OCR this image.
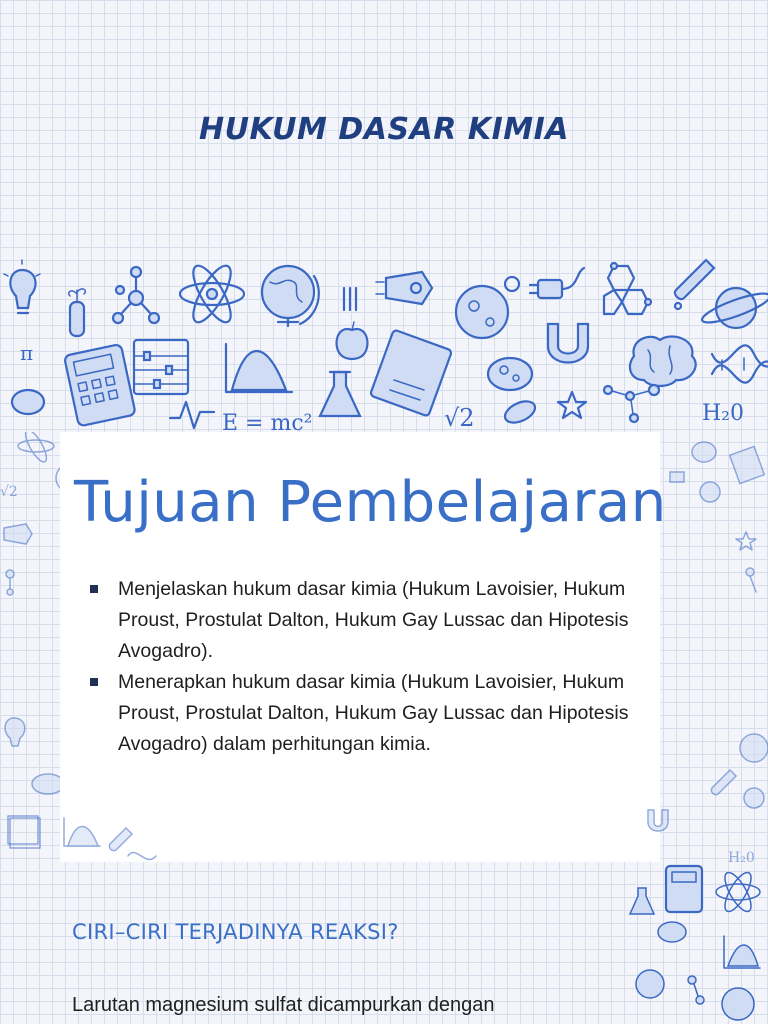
HUKUM DASAR KIMIA
π
E = mc²	√2	H₂0
√2
H₂0
Tujuan Pembelajaran
Menjelaskan hukum dasar kimia (Hukum Lavoisier, Hukum Proust, Prostulat Dalton, Hukum Gay Lussac dan Hipotesis Avogadro).
Menerapkan hukum dasar kimia (Hukum Lavoisier, Hukum Proust, Prostulat Dalton, Hukum Gay Lussac dan Hipotesis Avogadro) dalam perhitungan kimia.
CIRI–CIRI TERJADINYA REAKSI?
Larutan magnesium sulfat dicampurkan dengan
